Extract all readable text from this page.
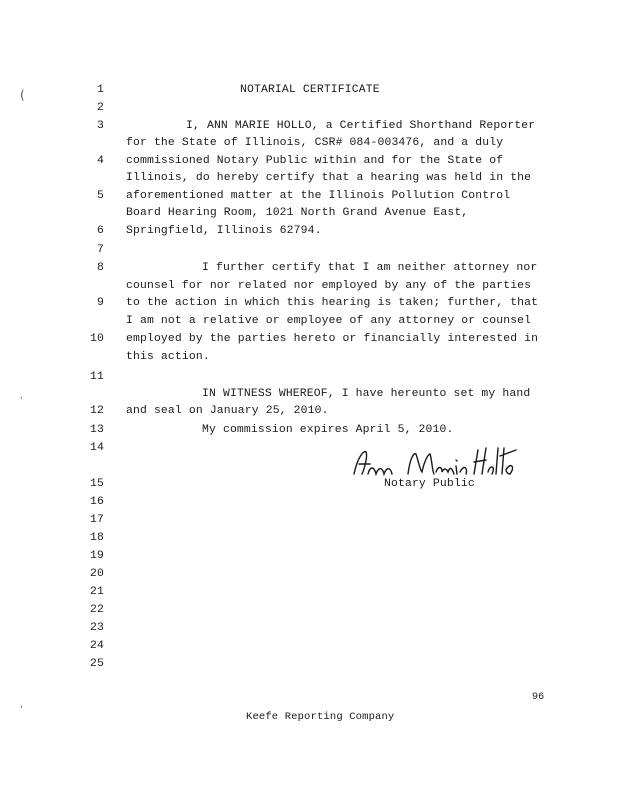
(
'
,
NOTARIAL CERTIFICATE
1
2
3
4
5
6
7
8
9
10
11
12
13
14
15
16
17
18
19
20
21
22
23
24
25
I, ANN MARIE HOLLO, a Certified Shorthand Reporter
for the State of Illinois, CSR# 084-003476, and a duly
commissioned Notary Public within and for the State of
Illinois, do hereby certify that a hearing was held in the
aforementioned matter at the Illinois Pollution Control
Board Hearing Room, 1021 North Grand Avenue East,
Springfield, Illinois 62794.
I further certify that I am neither attorney nor
counsel for nor related nor employed by any of the parties
to the action in which this hearing is taken; further, that
I am not a relative or employee of any attorney or counsel
employed by the parties hereto or financially interested in
this action.
IN WITNESS WHEREOF, I have hereunto set my hand
and seal on January 25, 2010.
My commission expires April 5, 2010.
Notary Public
96
Keefe Reporting Company
